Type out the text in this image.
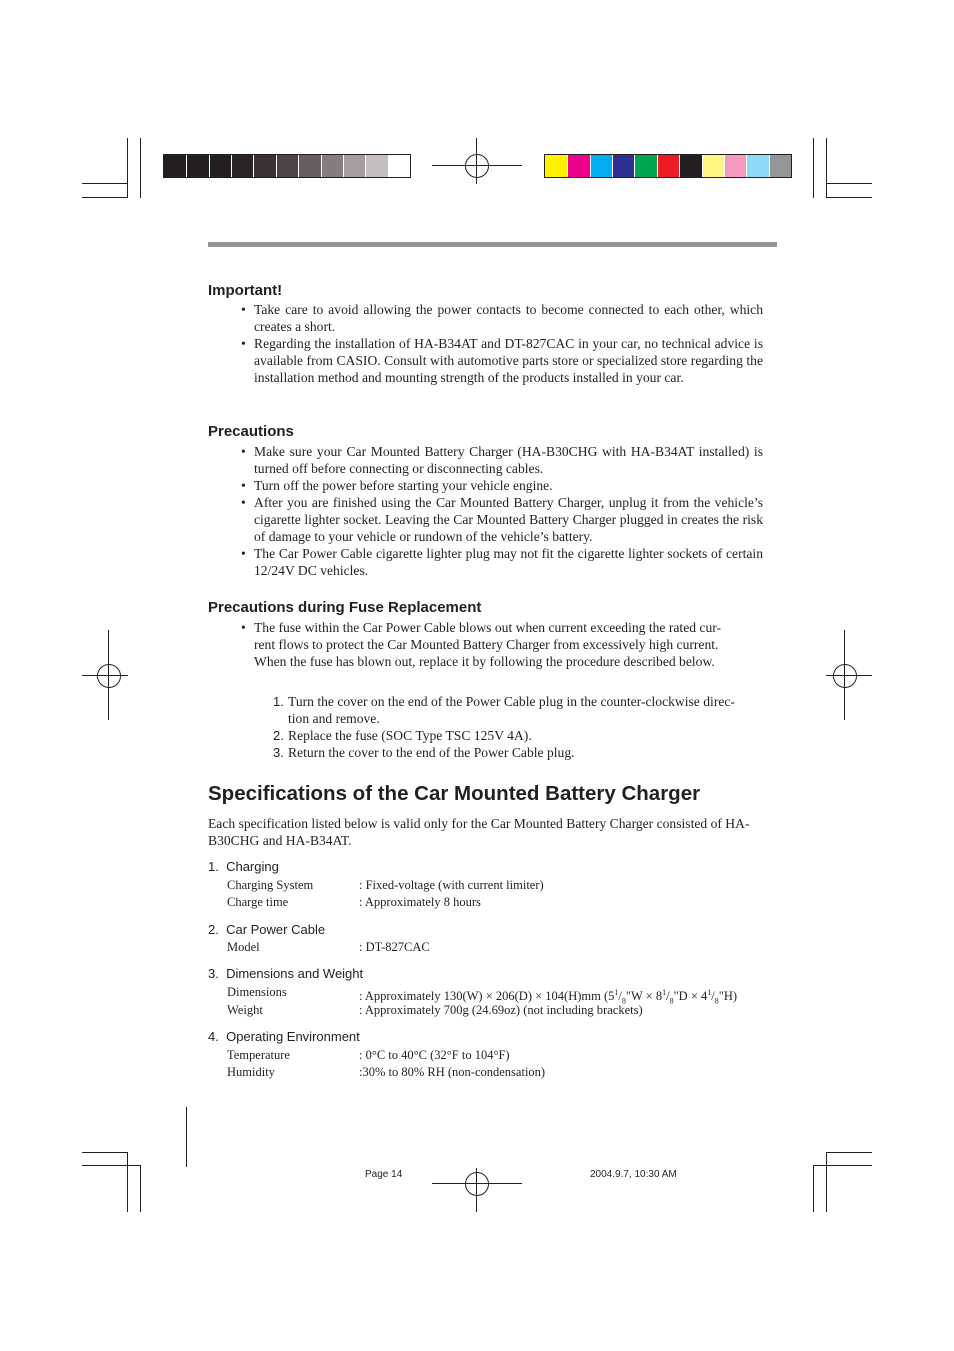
Important!
• Take care to avoid allowing the power contacts to become connected to each other, which creates a short.
• Regarding the installation of HA-B34AT and DT-827CAC in your car, no technical advice is available from CASIO. Consult with automotive parts store or specialized store regarding the installation method and mounting strength of the products installed in your car.
Precautions
• Make sure your Car Mounted Battery Charger (HA-B30CHG with HA-B34AT installed) is turned off before connecting or disconnecting cables.
• Turn off the power before starting your vehicle engine.
• After you are finished using the Car Mounted Battery Charger, unplug it from the vehicle’s cigarette lighter socket. Leaving the Car Mounted Battery Charger plugged in creates the risk of damage to your vehicle or rundown of the vehicle’s battery.
• The Car Power Cable cigarette lighter plug may not fit the cigarette lighter sockets of certain 12/24V DC vehicles.
Precautions during Fuse Replacement
• The fuse within the Car Power Cable blows out when current exceeding the rated cur-
rent flows to protect the Car Mounted Battery Charger from excessively high current.
When the fuse has blown out, replace it by following the procedure described below.
1. Turn the cover on the end of the Power Cable plug in the counter-clockwise direc-
tion and remove.
2. Replace the fuse (SOC Type TSC 125V 4A).
3. Return the cover to the end of the Power Cable plug.
Specifications of the Car Mounted Battery Charger
Each specification listed below is valid only for the Car Mounted Battery Charger consisted of HA-
B30CHG and HA-B34AT.
1. Charging
Charging System	: Fixed-voltage (with current limiter)
Charge time	: Approximately 8 hours
2. Car Power Cable
Model	: DT-827CAC
3. Dimensions and Weight
Dimensions	: Approximately 130(W) × 206(D) × 104(H)mm ($5^1/_8"W$ × $8^1/_8"D$ × $4^1/_8"H$)
Weight	: Approximately 700g (24.69oz) (not including brackets)
4. Operating Environment
Temperature	: 0°C to 40°C (32°F to 104°F)
Humidity	:30% to 80% RH (non-condensation)
Page 14	2004.9.7, 10:30 AM
